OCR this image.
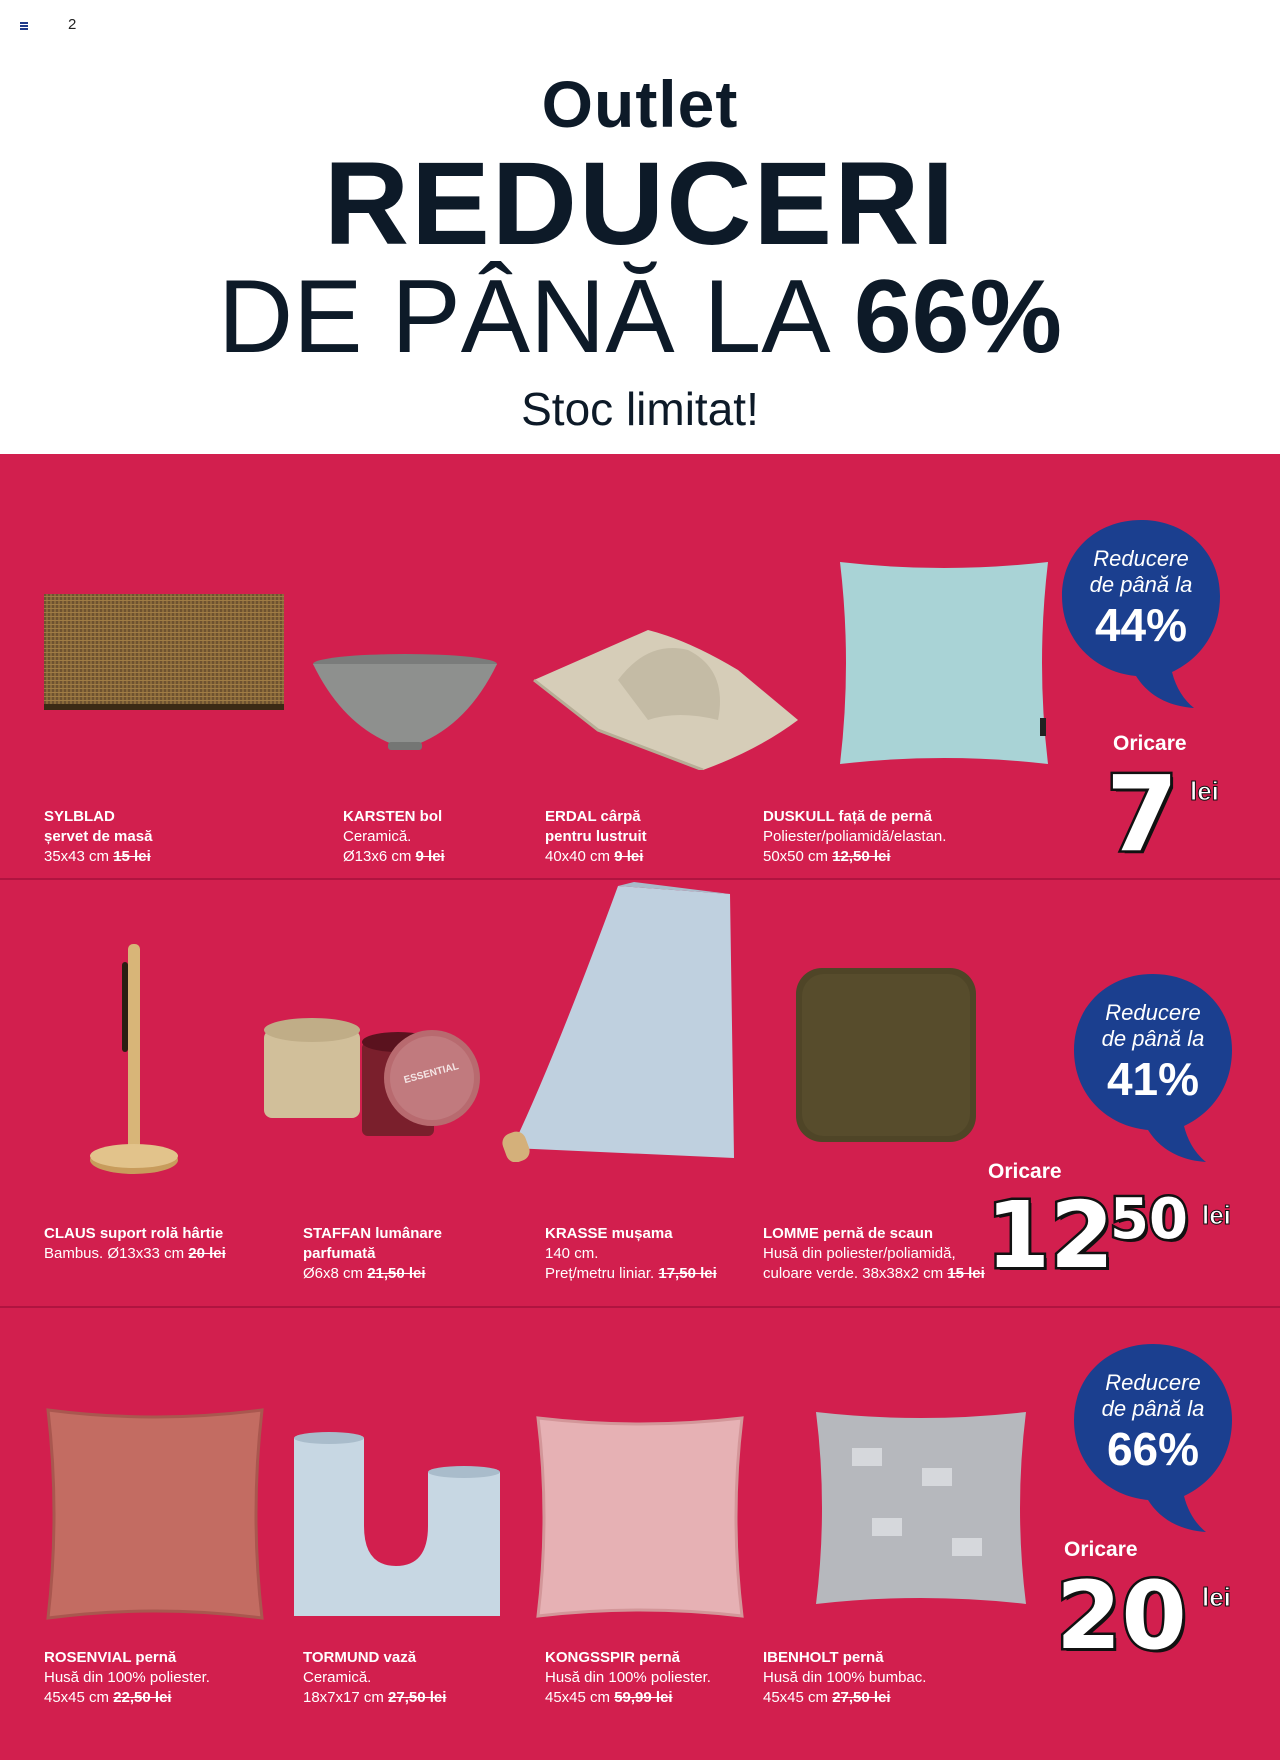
2
Outlet
REDUCERI
DE PÂNĂ LA 66%
Stoc limitat!
SYLBLAD
șervet de masă
35x43 cm 15 lei
KARSTEN bol
Ceramică.
Ø13x6 cm 9 lei
ERDAL cârpă
pentru lustruit
40x40 cm 9 lei
DUSKULL față de pernă
Poliester/poliamidă/elastan.
50x50 cm 12,50 lei
Reducere
de până la
44%
Oricare
7 lei
ESSENTIAL
CLAUS suport rolă hârtie
Bambus. Ø13x33 cm 20 lei
STAFFAN lumânare
parfumată
Ø6x8 cm 21,50 lei
KRASSE mușama
140 cm.
Preț/metru liniar. 17,50 lei
LOMME pernă de scaun
Husă din poliester/poliamidă,
culoare verde. 38x38x2 cm 15 lei
Reducere
de până la
41%
Oricare
12
50 lei
ROSENVIAL pernă
Husă din 100% poliester.
45x45 cm 22,50 lei
TORMUND vază
Ceramică.
18x7x17 cm 27,50 lei
KONGSSPIR pernă
Husă din 100% poliester.
45x45 cm 59,99 lei
IBENHOLT pernă
Husă din 100% bumbac.
45x45 cm 27,50 lei
Reducere
de până la
66%
Oricare
20 lei
